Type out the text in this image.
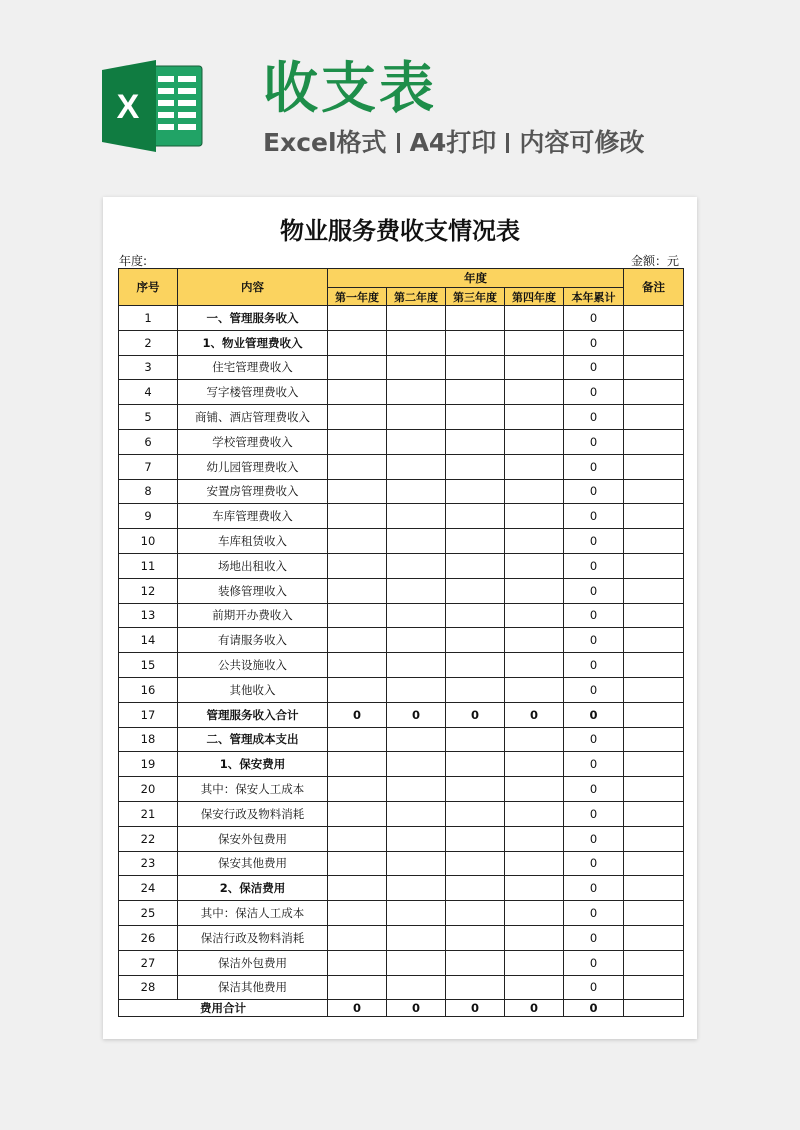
X 收支表
Excel格式 A4打印 内容可修改
物业服务费收支情况表
年度:	金额：元
序号	内容	年度					备注
		第一年度	第二年度	第三年度	第四年度	本年累计	
1	一、管理服务收入					0	
2	1、物业管理费收入					0	
3	住宅管理费收入					0	
4	写字楼管理费收入					0	
5	商铺、酒店管理费收入					0	
6	学校管理费收入					0	
7	幼儿园管理费收入					0	
8	安置房管理费收入					0	
9	车库管理费收入					0	
10	车库租赁收入					0	
11	场地出租收入					0	
12	装修管理收入					0	
13	前期开办费收入					0	
14	有请服务收入					0	
15	公共设施收入					0	
16	其他收入					0	
17	管理服务收入合计	0	0	0	0	0	
18	二、管理成本支出					0	
19	1、保安费用					0	
20	其中：保安人工成本					0	
21	保安行政及物料消耗					0	
22	保安外包费用					0	
23	保安其他费用					0	
24	2、保洁费用					0	
25	其中：保洁人工成本					0	
26	保洁行政及物料消耗					0	
27	保洁外包费用					0	
28	保洁其他费用					0	
费用合计		0	0	0	0	0	
